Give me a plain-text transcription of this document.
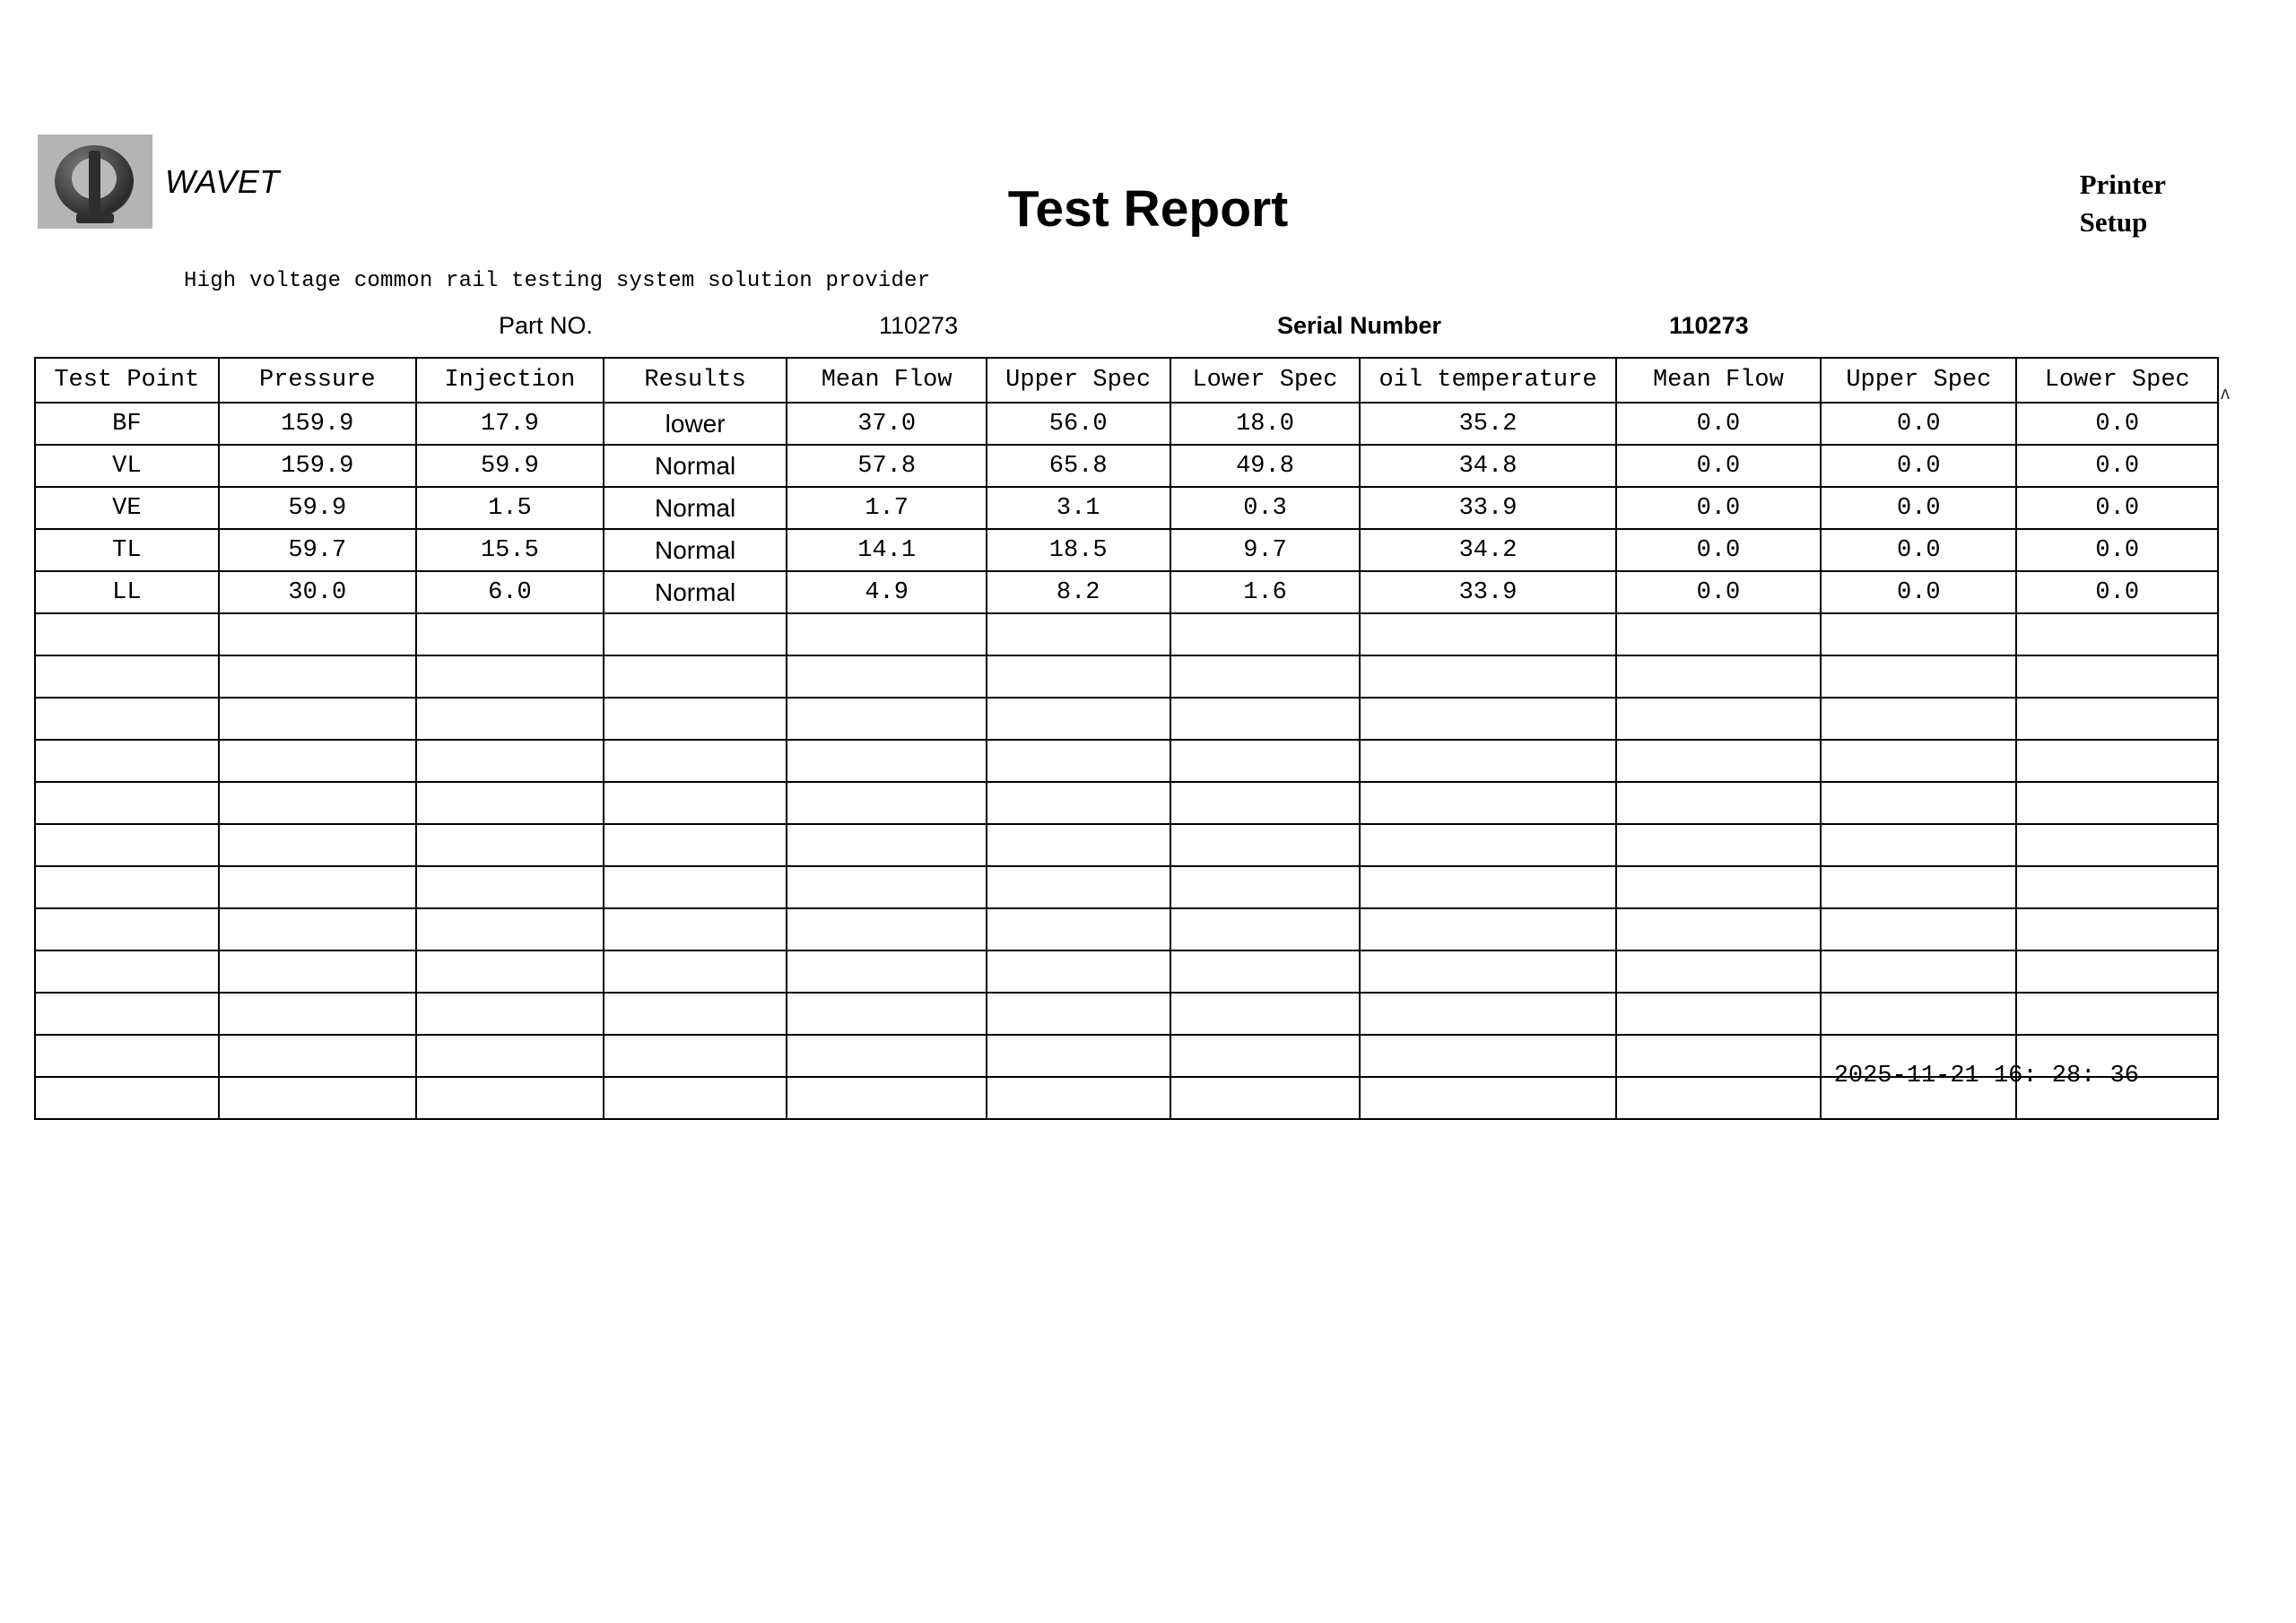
WAVET	Test Report	Printer
Setup
High voltage common rail testing system solution provider
Part NO.	110273	Serial Number	110273
Test Point	Pressure	Injection	Results	Mean Flow	Upper Spec	Lower Spec	oil temperature	Mean Flow	Upper Spec	Lower Spec
BF	159.9	17.9	lower	37.0	56.0	18.0	35.2	0.0	0.0	0.0
VL	159.9	59.9	Normal	57.8	65.8	49.8	34.8	0.0	0.0	0.0
VE	59.9	1.5	Normal	1.7	3.1	0.3	33.9	0.0	0.0	0.0
TL	59.7	15.5	Normal	14.1	18.5	9.7	34.2	0.0	0.0	0.0
LL	30.0	6.0	Normal	4.9	8.2	1.6	33.9	0.0	0.0	0.0

ʌ
2025-11-21 16: 28: 36
